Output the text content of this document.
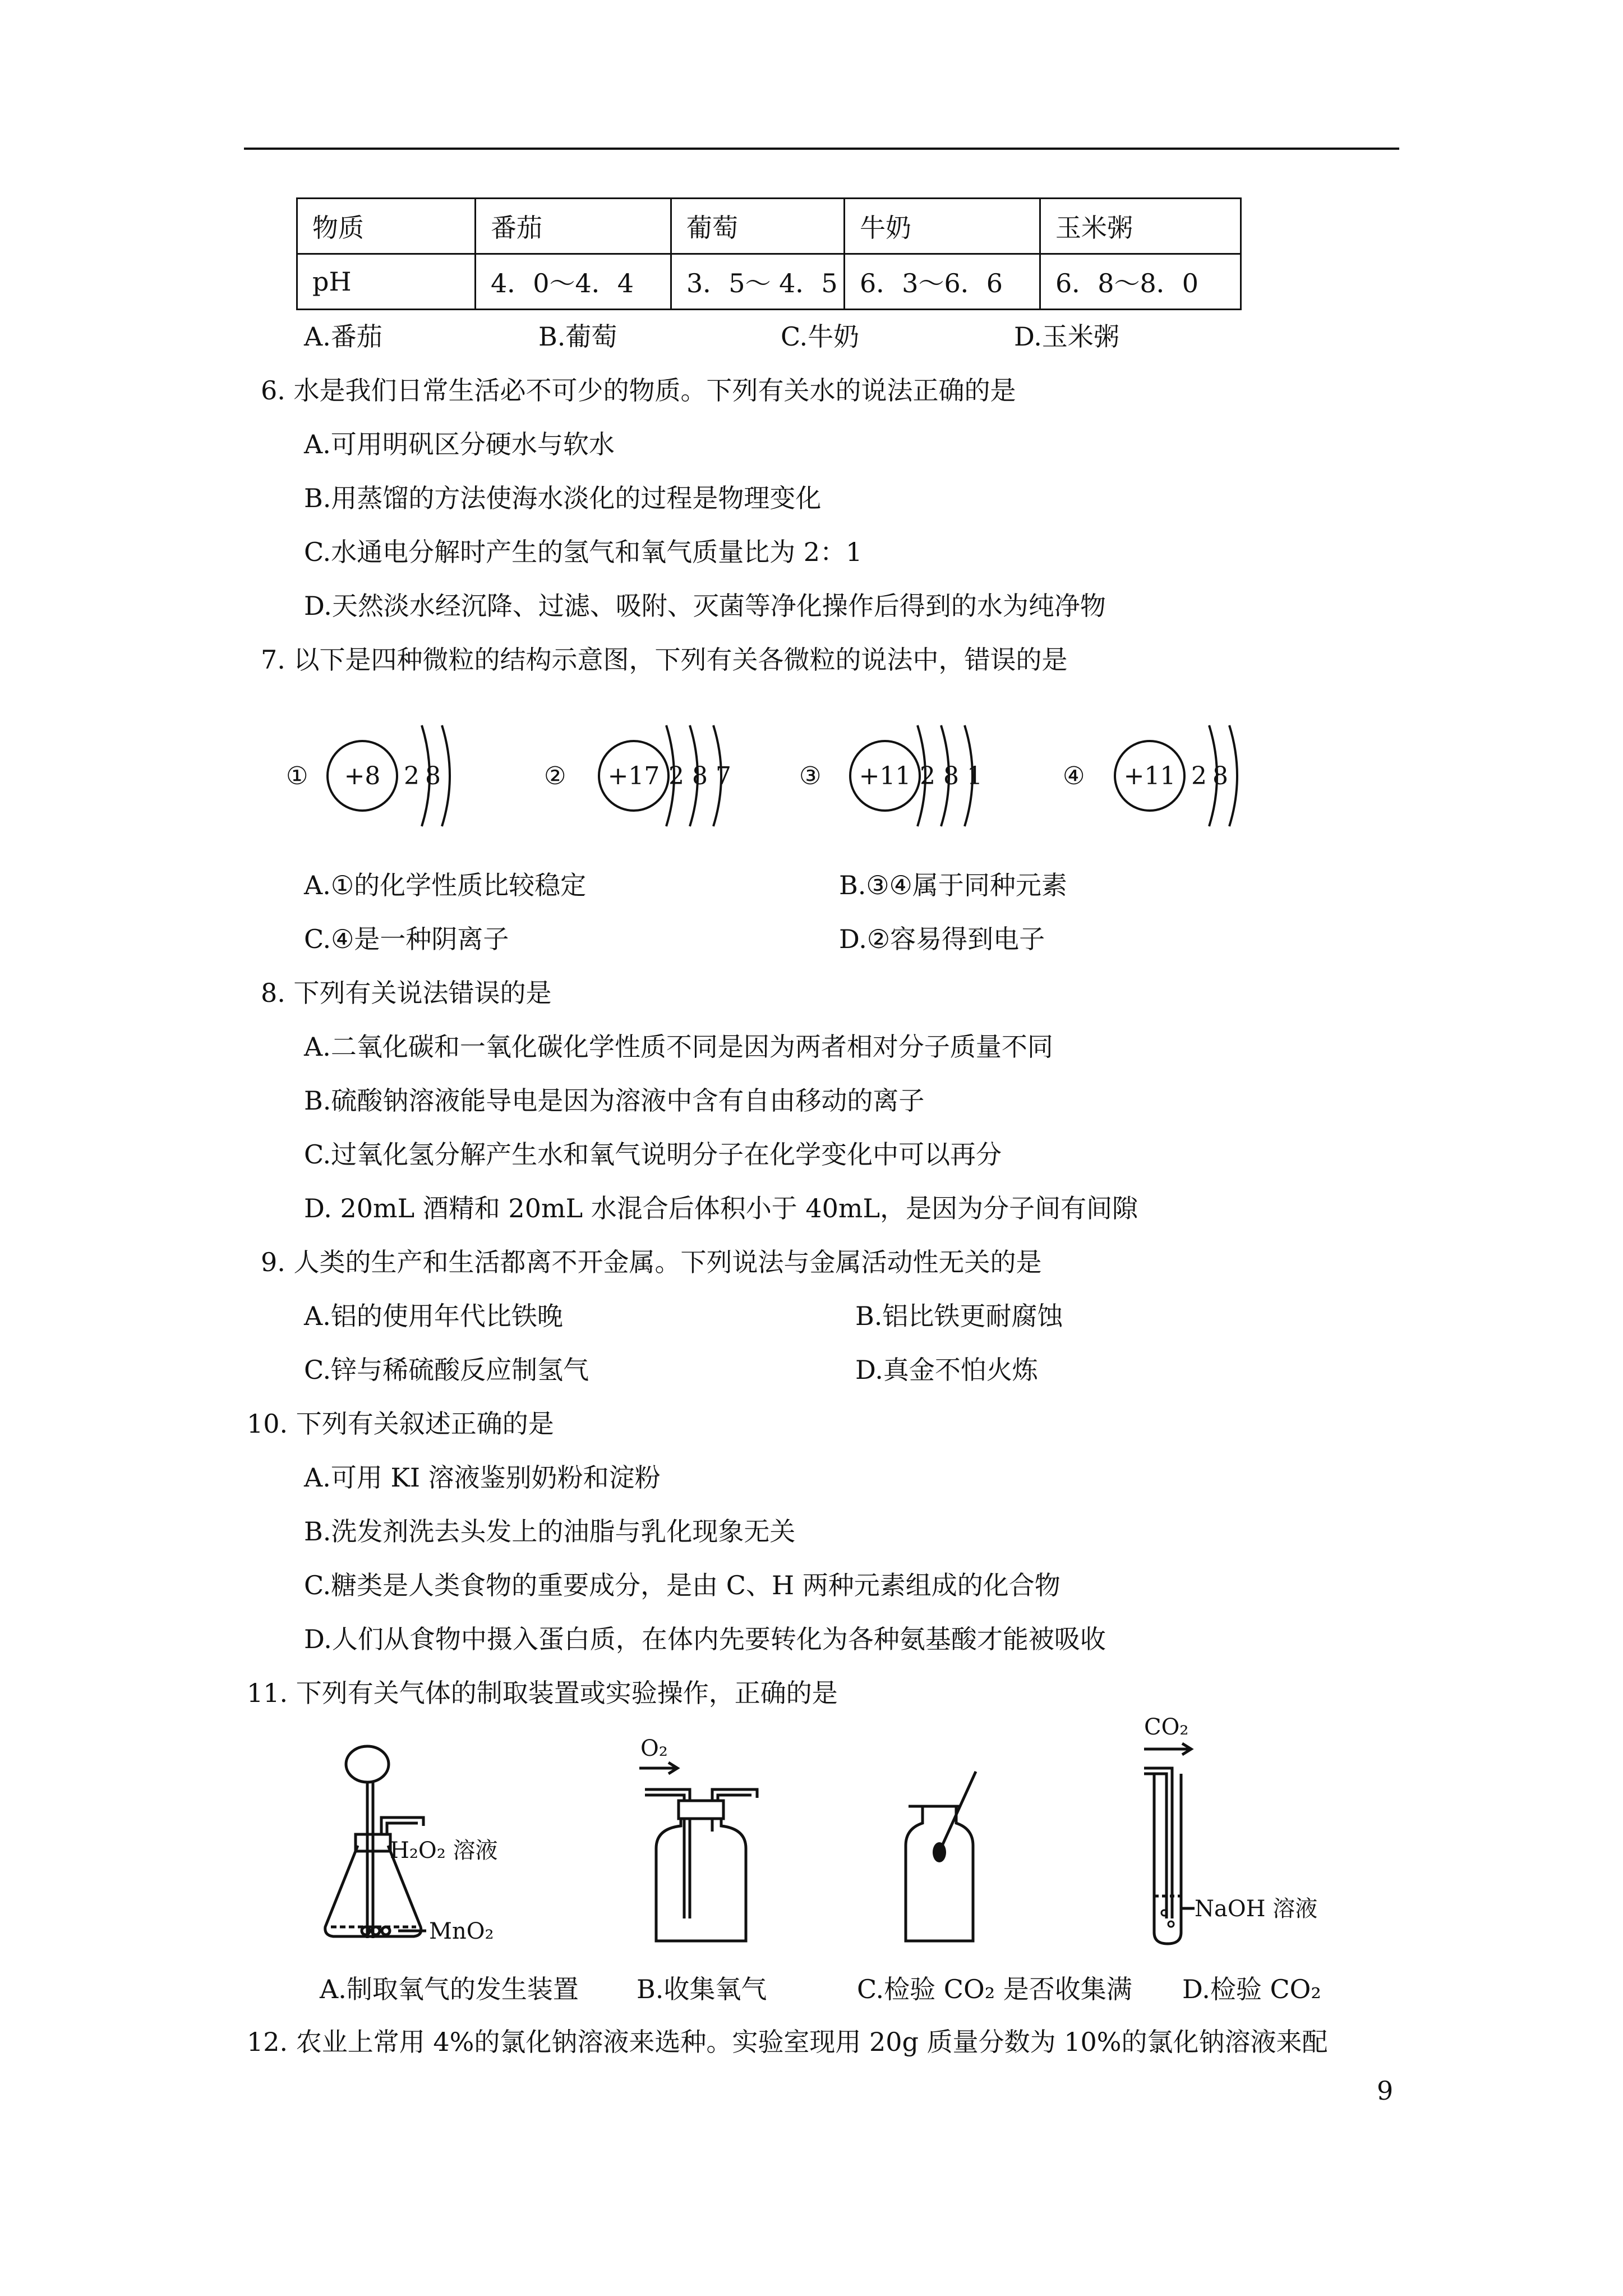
物质	番茄	葡萄	牛奶	玉米粥
pH	4．0～4．4	3．5～ 4．5	6．3～6．6	6．8～8．0
A.番茄	B.葡萄	C.牛奶	D.玉米粥
6. 水是我们日常生活必不可少的物质。下列有关水的说法正确的是
A.可用明矾区分硬水与软水
B.用蒸馏的方法使海水淡化的过程是物理变化
C.水通电分解时产生的氢气和氧气质量比为 2：1
D.天然淡水经沉降、过滤、吸附、灭菌等净化操作后得到的水为纯净物
7. 以下是四种微粒的结构示意图，下列有关各微粒的说法中，错误的是
① +8 2 8	② +17 2 8 7	③ +11 2 8 1	④ +11 2 8
A.①的化学性质比较稳定	B.③④属于同种元素
C.④是一种阴离子	D.②容易得到电子
8. 下列有关说法错误的是
A.二氧化碳和一氧化碳化学性质不同是因为两者相对分子质量不同
B.硫酸钠溶液能导电是因为溶液中含有自由移动的离子
C.过氧化氢分解产生水和氧气说明分子在化学变化中可以再分
D. 20mL 酒精和 20mL 水混合后体积小于 40mL，是因为分子间有间隙
9. 人类的生产和生活都离不开金属。下列说法与金属活动性无关的是
A.铝的使用年代比铁晚	B.铝比铁更耐腐蚀
C.锌与稀硫酸反应制氢气	D.真金不怕火炼
10. 下列有关叙述正确的是
A.可用 KI 溶液鉴别奶粉和淀粉
B.洗发剂洗去头发上的油脂与乳化现象无关
C.糖类是人类食物的重要成分，是由 C、H 两种元素组成的化合物
D.人们从食物中摄入蛋白质，在体内先要转化为各种氨基酸才能被吸收
11. 下列有关气体的制取装置或实验操作，正确的是
H₂O₂ 溶液
MnO₂
O₂
CO₂
NaOH 溶液
A.制取氧气的发生装置 B.收集氧气	C.检验 CO₂ 是否收集满 D.检验 CO₂
12. 农业上常用 4%的氯化钠溶液来选种。实验室现用 20g 质量分数为 10%的氯化钠溶液来配
9
